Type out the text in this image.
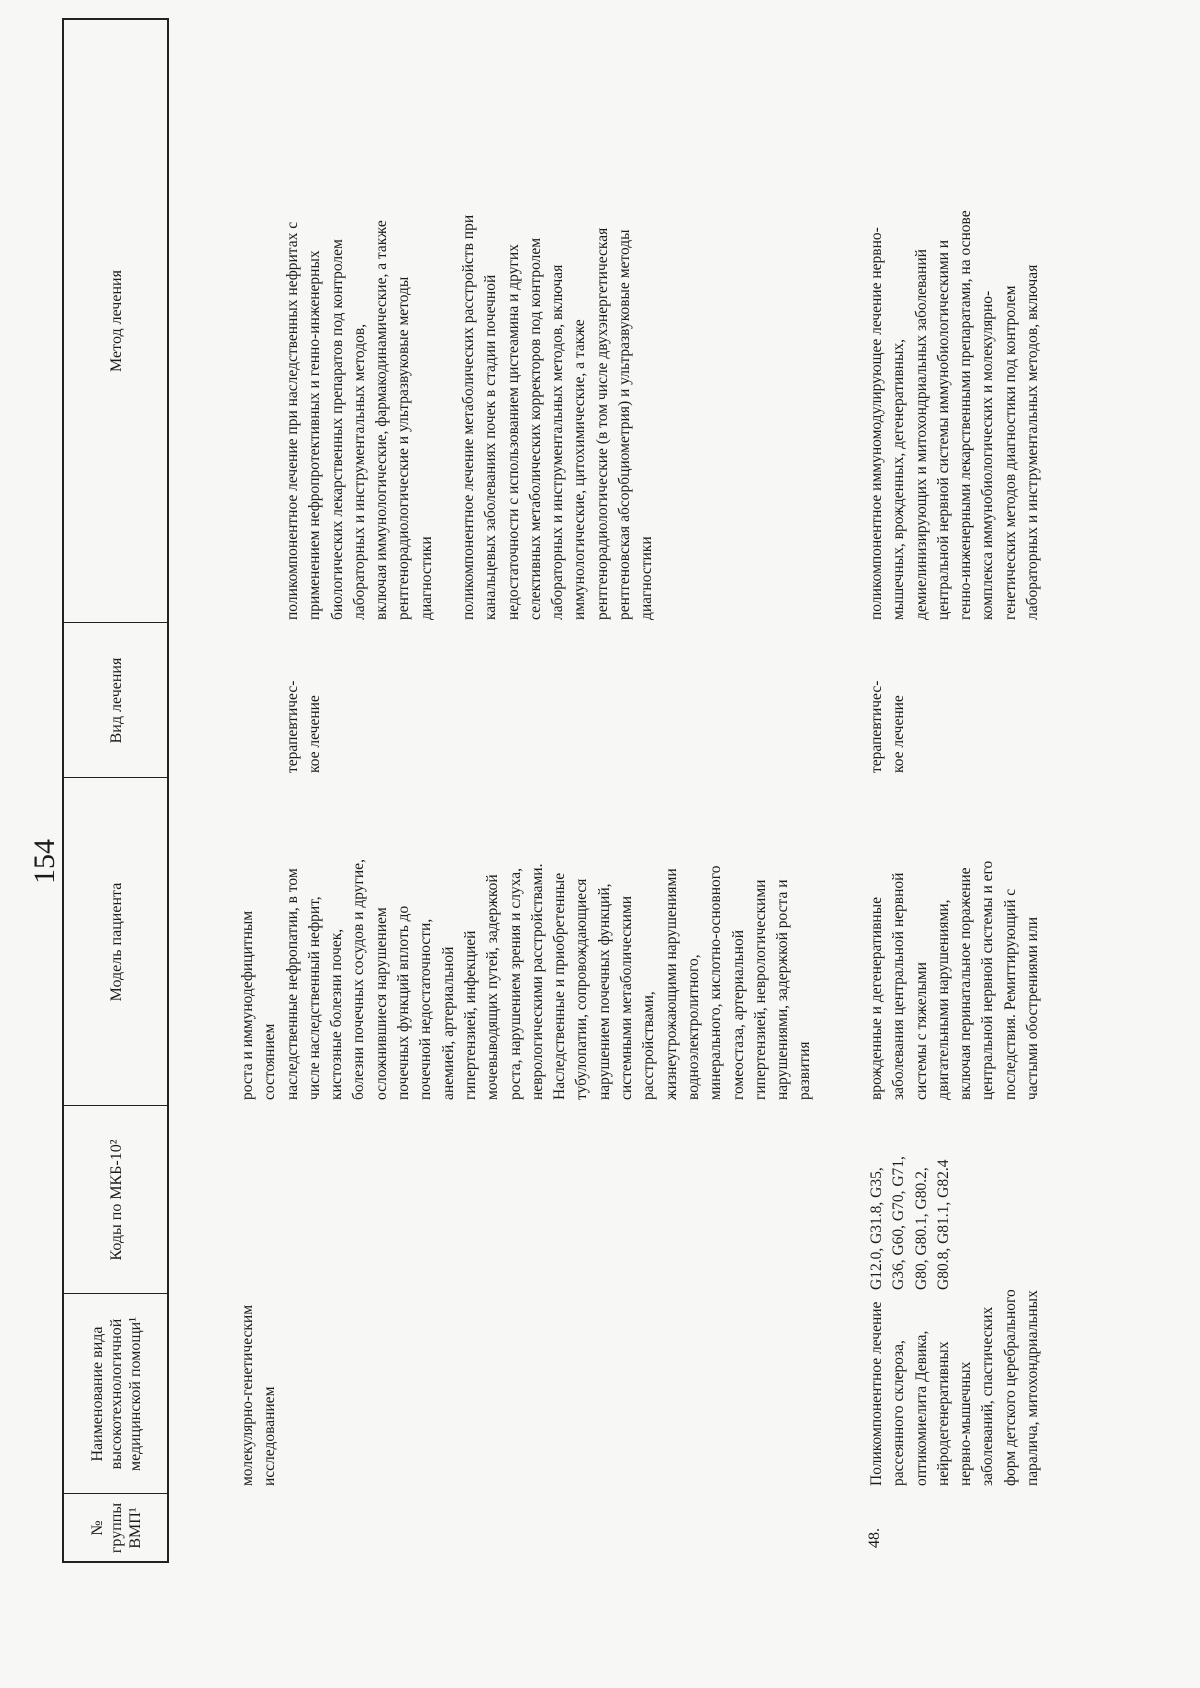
154
№ группы ВМП¹
Наименование вида высокотехнологичной медицинской помощи¹
Коды по МКБ-10²
Модель пациента
Вид лечения
Метод лечения
молекулярно-генетическим
исследованием
роста и иммунодефицитным
состоянием
наследственные нефропатии, в том
числе наследственный нефрит,
кистозные болезни почек,
болезни почечных сосудов и другие,
осложнившиеся нарушением
почечных функций вплоть до
почечной недостаточности,
анемией, артериальной
гипертензией, инфекцией
мочевыводящих путей, задержкой
роста, нарушением зрения и слуха,
неврологическими расстройствами.
Наследственные и приобретенные
тубулопатии, сопровождающиеся
нарушением почечных функций,
системными метаболическими
расстройствами,
жизнеугрожающими нарушениями
водноэлектролитного,
минерального, кислотно-основного
гомеостаза, артериальной
гипертензией, неврологическими
нарушениями, задержкой роста и
развития
терапевтичес-
кое лечение
поликомпонентное лечение при наследственных нефритах с
применением нефропротективных и генно-инженерных
биологических лекарственных препаратов под контролем
лабораторных и инструментальных методов,
включая иммунологические, фармакодинамические, а также
рентгенорадиологические и ультразвуковые методы
диагностики поликомпонентное лечение метаболических расстройств при
канальцевых заболеваниях почек в стадии почечной
недостаточности с использованием цистеамина и других
селективных метаболических корректоров под контролем
лабораторных и инструментальных методов, включая
иммунологические, цитохимические, а также
рентгенорадиологические (в том числе двухэнергетическая
рентгеновская абсорбциометрия) и ультразвуковые методы
диагностики
48.
Поликомпонентное лечение
рассеянного склероза,
оптикомиелита Девика,
нейродегенеративных
нервно-мышечных
заболеваний, спастических
форм детского церебрального
паралича, митохондриальных
G12.0, G31.8, G35,
G36, G60, G70, G71,
G80, G80.1, G80.2,
G80.8, G81.1, G82.4
врожденные и дегенеративные
заболевания центральной нервной
системы с тяжелыми
двигательными нарушениями,
включая перинатальное поражение
центральной нервной системы и его
последствия. Ремиттирующий с
частыми обострениями или
терапевтичес-
кое лечение
поликомпонентное иммуномодулирующее лечение нервно-
мышечных, врожденных, дегенеративных,
демиелинизирующих и митохондриальных заболеваний
центральной нервной системы иммунобиологическими и
генно-инженерными лекарственными препаратами, на основе
комплекса иммунобиологических и молекулярно-
генетических методов диагностики под контролем
лабораторных и инструментальных методов, включая
